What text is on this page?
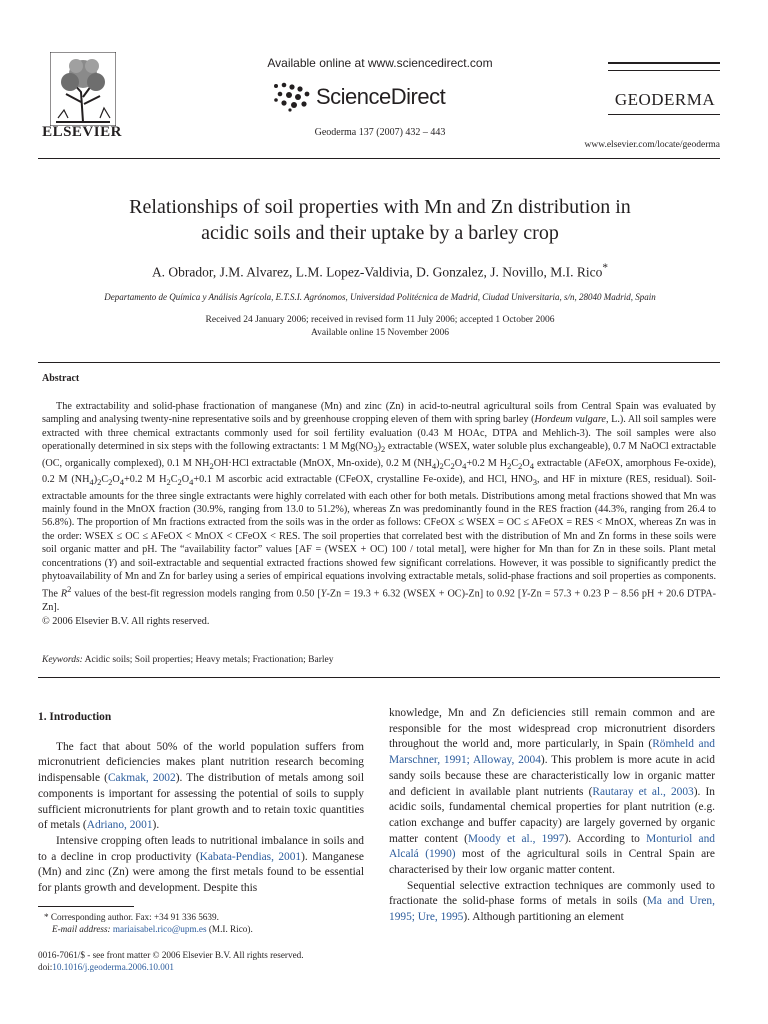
ELSEVIER
Available online at www.sciencedirect.com
ScienceDirect
Geoderma 137 (2007) 432 – 443
GEODERMA
www.elsevier.com/locate/geoderma
Relationships of soil properties with Mn and Zn distribution in
acidic soils and their uptake by a barley crop
A. Obrador, J.M. Alvarez, L.M. Lopez-Valdivia, D. Gonzalez, J. Novillo, M.I. Rico*
Departamento de Química y Análisis Agrícola, E.T.S.I. Agrónomos, Universidad Politécnica de Madrid, Ciudad Universitaria, s/n, 28040 Madrid, Spain
Received 24 January 2006; received in revised form 11 July 2006; accepted 1 October 2006
Available online 15 November 2006
Abstract

The extractability and solid-phase fractionation of manganese (Mn) and zinc (Zn) in acid-to-neutral agricultural soils from Central Spain was evaluated by sampling and analysing twenty-nine representative soils and by greenhouse cropping eleven of them with spring barley (Hordeum vulgare, L.). All soil samples were extracted with three chemical extractants commonly used for soil fertility evaluation (0.43 M HOAc, DTPA and Mehlich-3). The soil samples were also operationally determined in six steps with the following extractants: 1 M $Mg(NO_3)_2$ extractable (WSEX, water soluble plus exchangeable), 0.7 M NaOCl extractable (OC, organically complexed), 0.1 M $NH_2OH\cdot HCl$ extractable (MnOX, Mn-oxide), 0.2 M $(NH_4)_2C_2O_4+0.2$ M $H_2C_2O_4$ extractable (AFeOX, amorphous Fe-oxide), 0.2 M $(NH_4)_2C_2O_4+0.2$ M $H_2C_2O_4+0.1$ M ascorbic acid extractable (CFeOX, crystalline Fe-oxide), and HCl, $HNO_3$, and HF in mixture (RES, residual). Soil-extractable amounts for the three single extractants were highly correlated with each other for both metals. Distributions among metal fractions showed that Mn was mainly found in the MnOX fraction (30.9%, ranging from 13.0 to 51.2%), whereas Zn was predominantly found in the RES fraction (44.3%, ranging from 26.4 to 56.8%). The proportion of Mn fractions extracted from the soils was in the order as follows: CFeOX ≤ WSEX = OC ≤ AFeOX = RES < MnOX, whereas Zn was in the order: WSEX ≤ OC ≤ AFeOX < MnOX < CFeOX < RES. The soil properties that correlated best with the distribution of Mn and Zn forms in these soils were soil organic matter and pH. The “availability factor” values [AF = (WSEX + OC) 100 / total metal], were higher for Mn than for Zn in these soils. Plant metal concentrations (Y) and soil-extractable and sequential extracted fractions showed few significant correlations. However, it was possible to significantly predict the phytoavailability of Mn and Zn for barley using a series of empirical equations involving extractable metals, solid-phase fractions and soil properties as components. The $R^2$ values of the best-fit regression models ranging from 0.50 [Y-Zn = 19.3 + 6.32 (WSEX + OC)-Zn] to 0.92 [Y-Zn = 57.3 + 0.23 P − 8.56 pH + 20.6 DTPA-Zn].

© 2006 Elsevier B.V. All rights reserved.

Keywords: Acidic soils; Soil properties; Heavy metals; Fractionation; Barley
1. Introduction

The fact that about 50% of the world population suffers from micronutrient deficiencies makes plant nutrition research becoming indispensable (Cakmak, 2002). The distribution of metals among soil components is important for assessing the potential of soils to supply sufficient micronutrients for plant growth and to retain toxic quantities of metals (Adriano, 2001).

Intensive cropping often leads to nutritional imbalance in soils and to a decline in crop productivity (Kabata-Pendias, 2001). Manganese (Mn) and zinc (Zn) were among the first metals found to be essential for plants growth and development. Despite this

* Corresponding author. Fax: +34 91 336 5639.
E-mail address: mariaisabel.rico@upm.es (M.I. Rico).
0016-7061/$ - see front matter © 2006 Elsevier B.V. All rights reserved.
doi:10.1016/j.geoderma.2006.10.001

knowledge, Mn and Zn deficiencies still remain common and are responsible for the most widespread crop micronutrient disorders throughout the world and, more particularly, in Spain (Römheld and Marschner, 1991; Alloway, 2004). This problem is more acute in acid sandy soils because these are characteristically low in organic matter and deficient in available plant nutrients (Rautaray et al., 2003). In acidic soils, fundamental chemical properties for plant nutrition (e.g. cation exchange and buffer capacity) are largely governed by organic matter content (Moody et al., 1997). According to Monturiol and Alcalá (1990) most of the agricultural soils in Central Spain are characterised by their low organic matter content.

Sequential selective extraction techniques are commonly used to fractionate the solid-phase forms of metals in soils (Ma and Uren, 1995; Ure, 1995). Although partitioning an element
